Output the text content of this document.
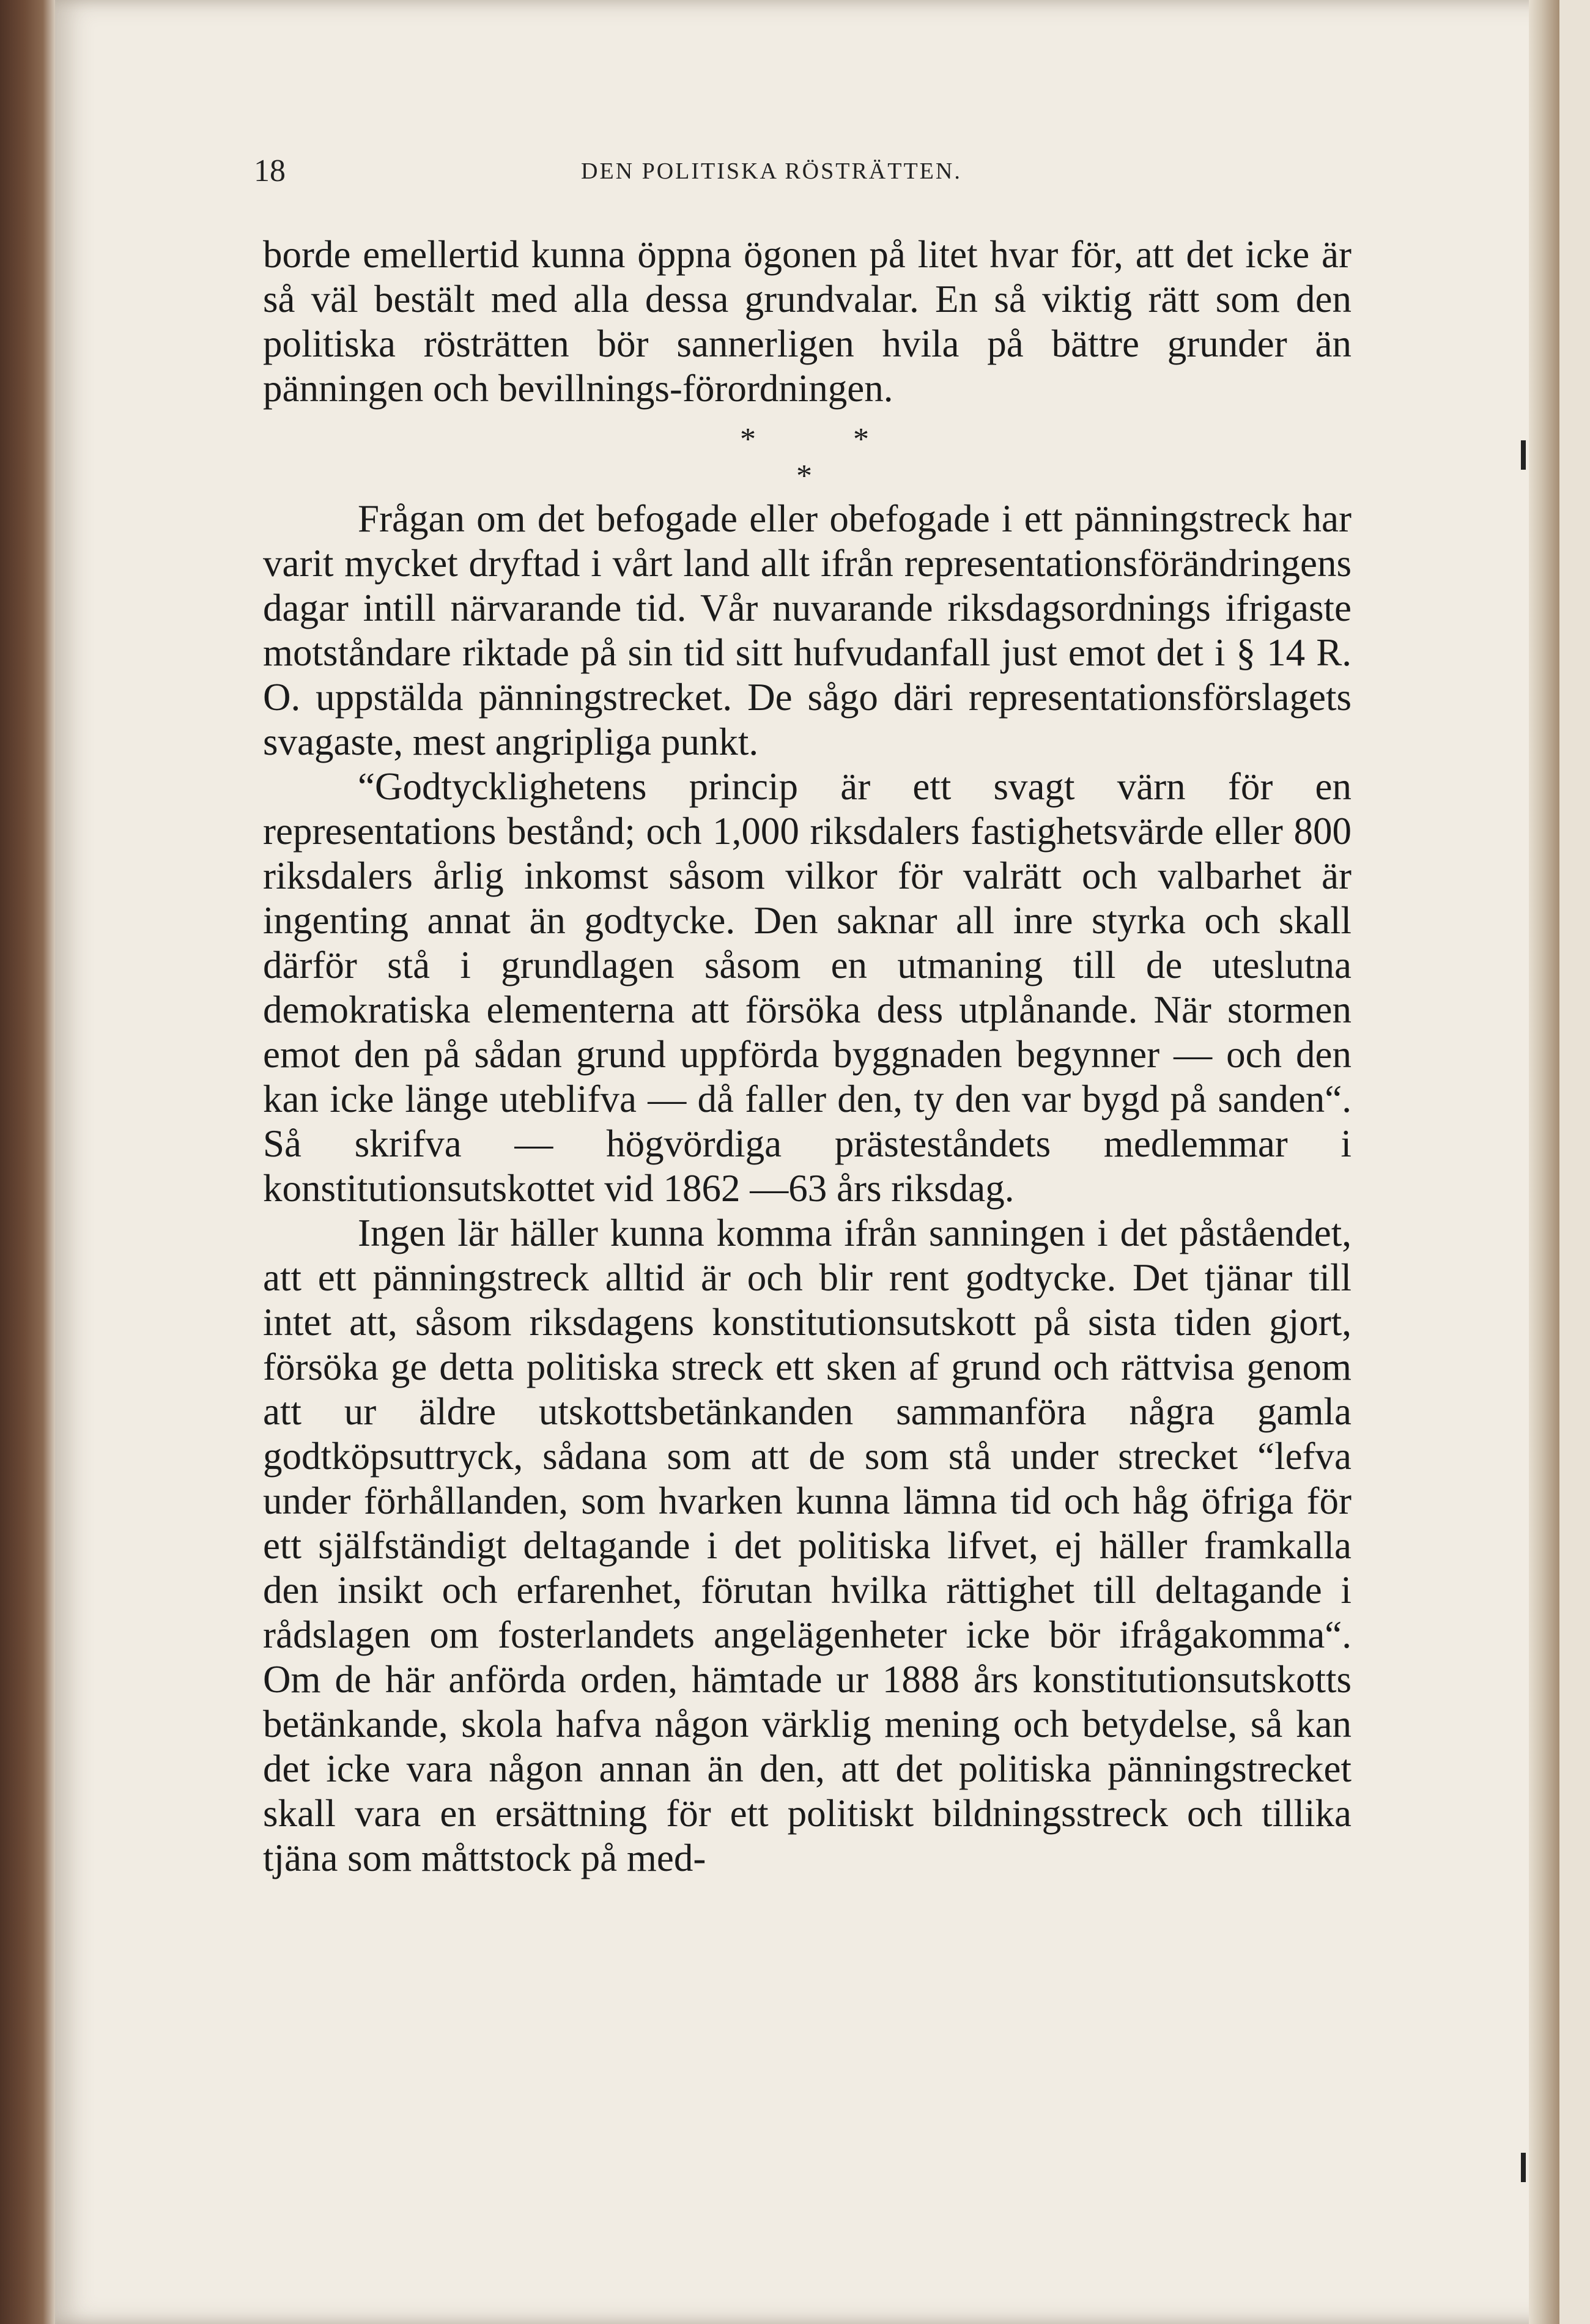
18	DEN POLITISKA RÖSTRÄTTEN.

borde emellertid kunna öppna ögonen på litet hvar för, att det icke är så väl bestält med alla dessa grundvalar. En så viktig rätt som den politiska rösträtten bör sannerligen hvila på bättre grunder än pänningen och bevillnings-förordningen.

*	*
*

Frågan om det befogade eller obefogade i ett pänningstreck har varit mycket dryftad i vårt land allt ifrån representationsförändringens dagar intill närvarande tid. Vår nuvarande riksdagsordnings ifrigaste motståndare riktade på sin tid sitt hufvudanfall just emot det i § 14 R. O. uppstälda pänningstrecket. De sågo däri representationsförslagets svagaste, mest angripliga punkt.

“Godtycklighetens princip är ett svagt värn för en representations bestånd; och 1,000 riksdalers fastighetsvärde eller 800 riksdalers årlig inkomst såsom vilkor för valrätt och valbarhet är ingenting annat än godtycke. Den saknar all inre styrka och skall därför stå i grundlagen såsom en utmaning till de uteslutna demokratiska elementerna att försöka dess utplånande. När stormen emot den på sådan grund uppförda byggnaden begynner — och den kan icke länge uteblifva — då faller den, ty den var bygd på sanden“. Så skrifva — högvördiga prästeståndets medlemmar i konstitutionsutskottet vid 1862 —63 års riksdag.

Ingen lär häller kunna komma ifrån sanningen i det påståendet, att ett pänningstreck alltid är och blir rent godtycke. Det tjänar till intet att, såsom riksdagens konstitutionsutskott på sista tiden gjort, försöka ge detta politiska streck ett sken af grund och rättvisa genom att ur äldre utskottsbetänkanden sammanföra några gamla godtköpsuttryck, sådana som att de som stå under strecket “lefva under förhållanden, som hvarken kunna lämna tid och håg öfriga för ett själfständigt deltagande i det politiska lifvet, ej häller framkalla den insikt och erfarenhet, förutan hvilka rättighet till deltagande i rådslagen om fosterlandets angelägenheter icke bör ifrågakomma“. Om de här anförda orden, hämtade ur 1888 års konstitutionsutskotts betänkande, skola hafva någon värklig mening och betydelse, så kan det icke vara någon annan än den, att det politiska pänningstrecket skall vara en ersättning för ett politiskt bildningsstreck och tillika tjäna som måttstock på med-
